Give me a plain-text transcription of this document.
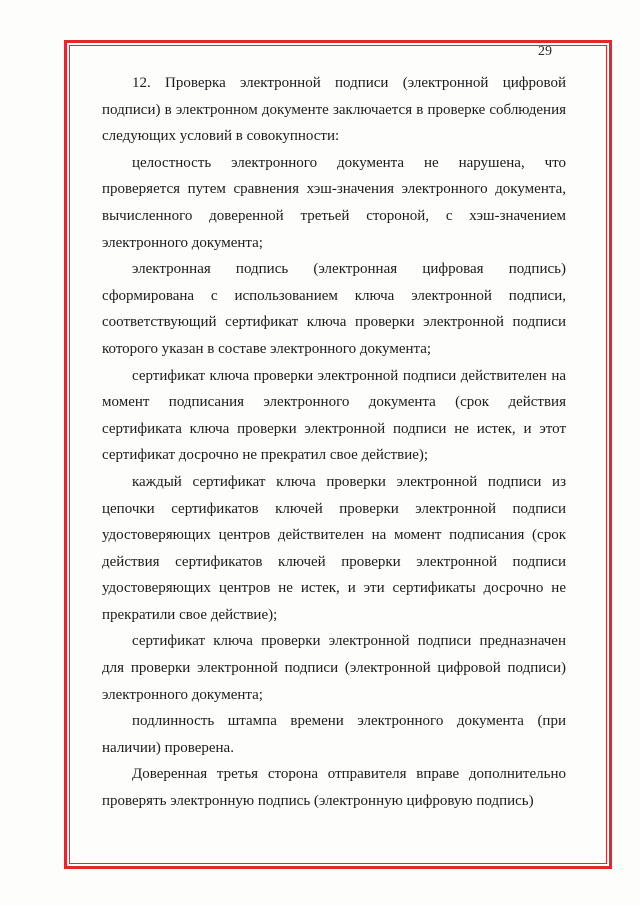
29

12. Проверка электронной подписи (электронной цифровой подписи) в электронном документе заключается в проверке соблюдения следующих условий в совокупности:

целостность электронного документа не нарушена, что проверяется путем сравнения хэш-значения электронного документа, вычисленного доверенной третьей стороной, с хэш-значением электронного документа;

электронная подпись (электронная цифровая подпись) сформирована с использованием ключа электронной подписи, соответствующий сертификат ключа проверки электронной подписи которого указан в составе электронного документа;

сертификат ключа проверки электронной подписи действителен на момент подписания электронного документа (срок действия сертификата ключа проверки электронной подписи не истек, и этот сертификат досрочно не прекратил свое действие);

каждый сертификат ключа проверки электронной подписи из цепочки сертификатов ключей проверки электронной подписи удостоверяющих центров действителен на момент подписания (срок действия сертификатов ключей проверки электронной подписи удостоверяющих центров не истек, и эти сертификаты досрочно не прекратили свое действие);

сертификат ключа проверки электронной подписи предназначен для проверки электронной подписи (электронной цифровой подписи) электронного документа;

подлинность штампа времени электронного документа (при наличии) проверена.

Доверенная третья сторона отправителя вправе дополнительно проверять электронную подпись (электронную цифровую подпись)
